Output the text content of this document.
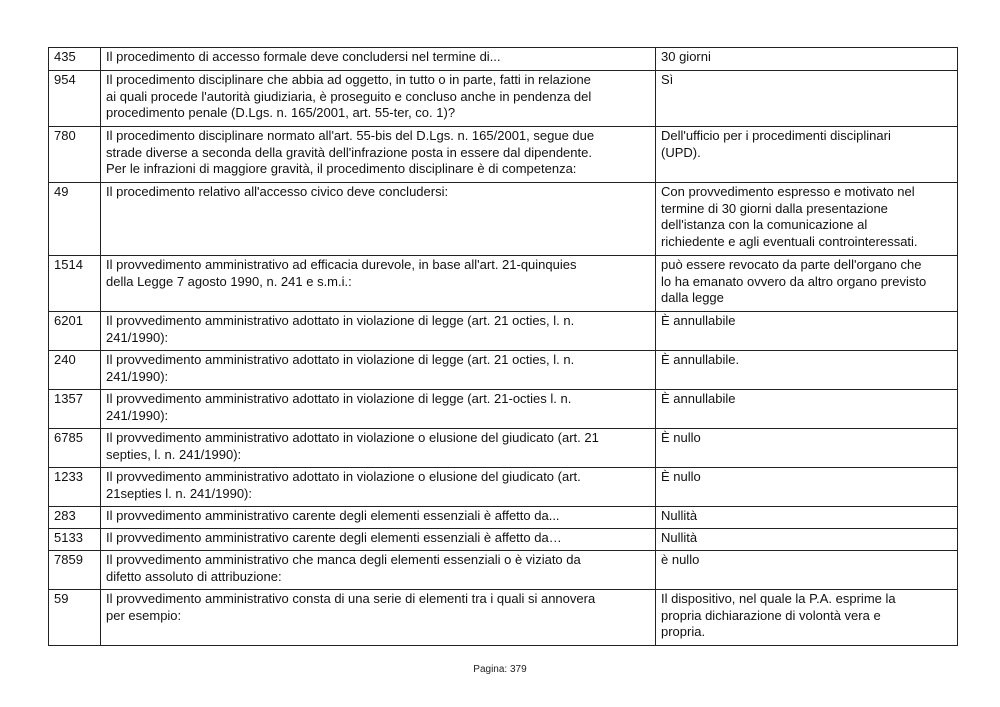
435	Il procedimento di accesso formale deve concludersi nel termine di...	30 giorni
954	Il procedimento disciplinare che abbia ad oggetto, in tutto o in parte, fatti in relazione
ai quali procede l'autorità giudiziaria, è proseguito e concluso anche in pendenza del
procedimento penale (D.Lgs. n. 165/2001, art. 55-ter, co. 1)?	Sì
780	Il procedimento disciplinare normato all'art. 55-bis del D.Lgs. n. 165/2001, segue due
strade diverse a seconda della gravità dell'infrazione posta in essere dal dipendente.
Per le infrazioni di maggiore gravità, il procedimento disciplinare è di competenza:	Dell'ufficio per i procedimenti disciplinari
(UPD).
49	Il procedimento relativo all'accesso civico deve concludersi:	Con provvedimento espresso e motivato nel
termine di 30 giorni dalla presentazione
dell'istanza con la comunicazione al
richiedente e agli eventuali controinteressati.
1514	Il provvedimento amministrativo ad efficacia durevole, in base all'art. 21-quinquies
della Legge 7 agosto 1990, n. 241 e s.m.i.:	può essere revocato da parte dell'organo che
lo ha emanato ovvero da altro organo previsto
dalla legge
6201	Il provvedimento amministrativo adottato in violazione di legge (art. 21 octies, l. n.
241/1990):	È annullabile
240	Il provvedimento amministrativo adottato in violazione di legge (art. 21 octies, l. n.
241/1990):	È annullabile.
1357	Il provvedimento amministrativo adottato in violazione di legge (art. 21-octies l. n.
241/1990):	È annullabile
6785	Il provvedimento amministrativo adottato in violazione o elusione del giudicato (art. 21
septies, l. n. 241/1990):	È nullo
1233	Il provvedimento amministrativo adottato in violazione o elusione del giudicato (art.
21septies l. n. 241/1990):	È nullo
283	Il provvedimento amministrativo carente degli elementi essenziali è affetto da...	Nullità
5133	Il provvedimento amministrativo carente degli elementi essenziali è affetto da…	Nullità
7859	Il provvedimento amministrativo che manca degli elementi essenziali o è viziato da
difetto assoluto di attribuzione:	è nullo
59	Il provvedimento amministrativo consta di una serie di elementi tra i quali si annovera
per esempio:	Il dispositivo, nel quale la P.A. esprime la
propria dichiarazione di volontà vera e
propria.
Pagina: 379
